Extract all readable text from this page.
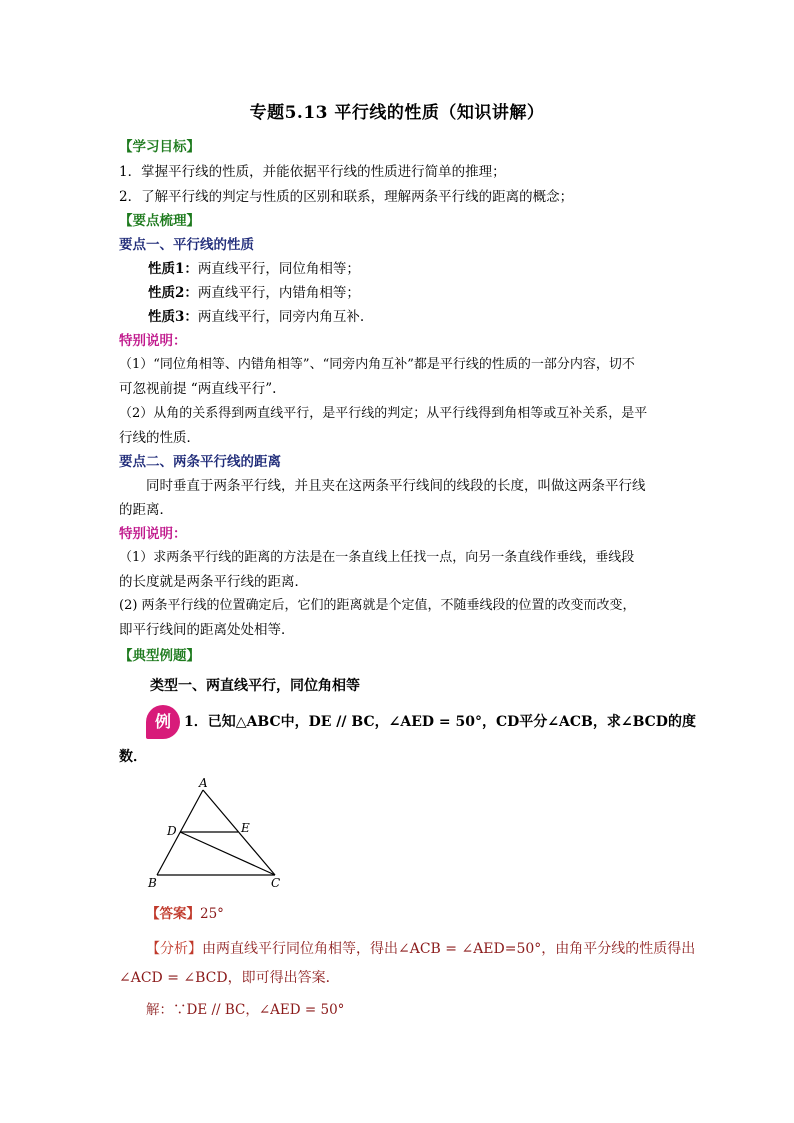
专题5.13 平行线的性质（知识讲解）
【学习目标】
1．掌握平行线的性质，并能依据平行线的性质进行简单的推理；
2．了解平行线的判定与性质的区别和联系，理解两条平行线的距离的概念；
【要点梳理】
要点一、平行线的性质
性质1：两直线平行，同位角相等；
性质2：两直线平行，内错角相等；
性质3：两直线平行，同旁内角互补.
特别说明：
（1）“同位角相等、内错角相等”、“同旁内角互补”都是平行线的性质的一部分内容，切不
可忽视前提 “两直线平行”.
（2）从角的关系得到两直线平行，是平行线的判定；从平行线得到角相等或互补关系，是平
行线的性质．
要点二、两条平行线的距离
同时垂直于两条平行线，并且夹在这两条平行线间的线段的长度，叫做这两条平行线
的距离．
特别说明：
（1）求两条平行线的距离的方法是在一条直线上任找一点，向另一条直线作垂线，垂线段
的长度就是两条平行线的距离．
(2) 两条平行线的位置确定后，它们的距离就是个定值，不随垂线段的位置的改变而改变，
即平行线间的距离处处相等．
【典型例题】
类型一、两直线平行，同位角相等
例 1．已知△ABC中，DE // BC，∠AED = 50°，CD平分∠ACB，求∠BCD的度
数．
A
B	C
D	E
【答案】25°
【分析】由两直线平行同位角相等，得出∠ACB = ∠AED=50°，由角平分线的性质得出
∠ACD = ∠BCD，即可得出答案．
解：∵DE // BC，∠AED = 50°
